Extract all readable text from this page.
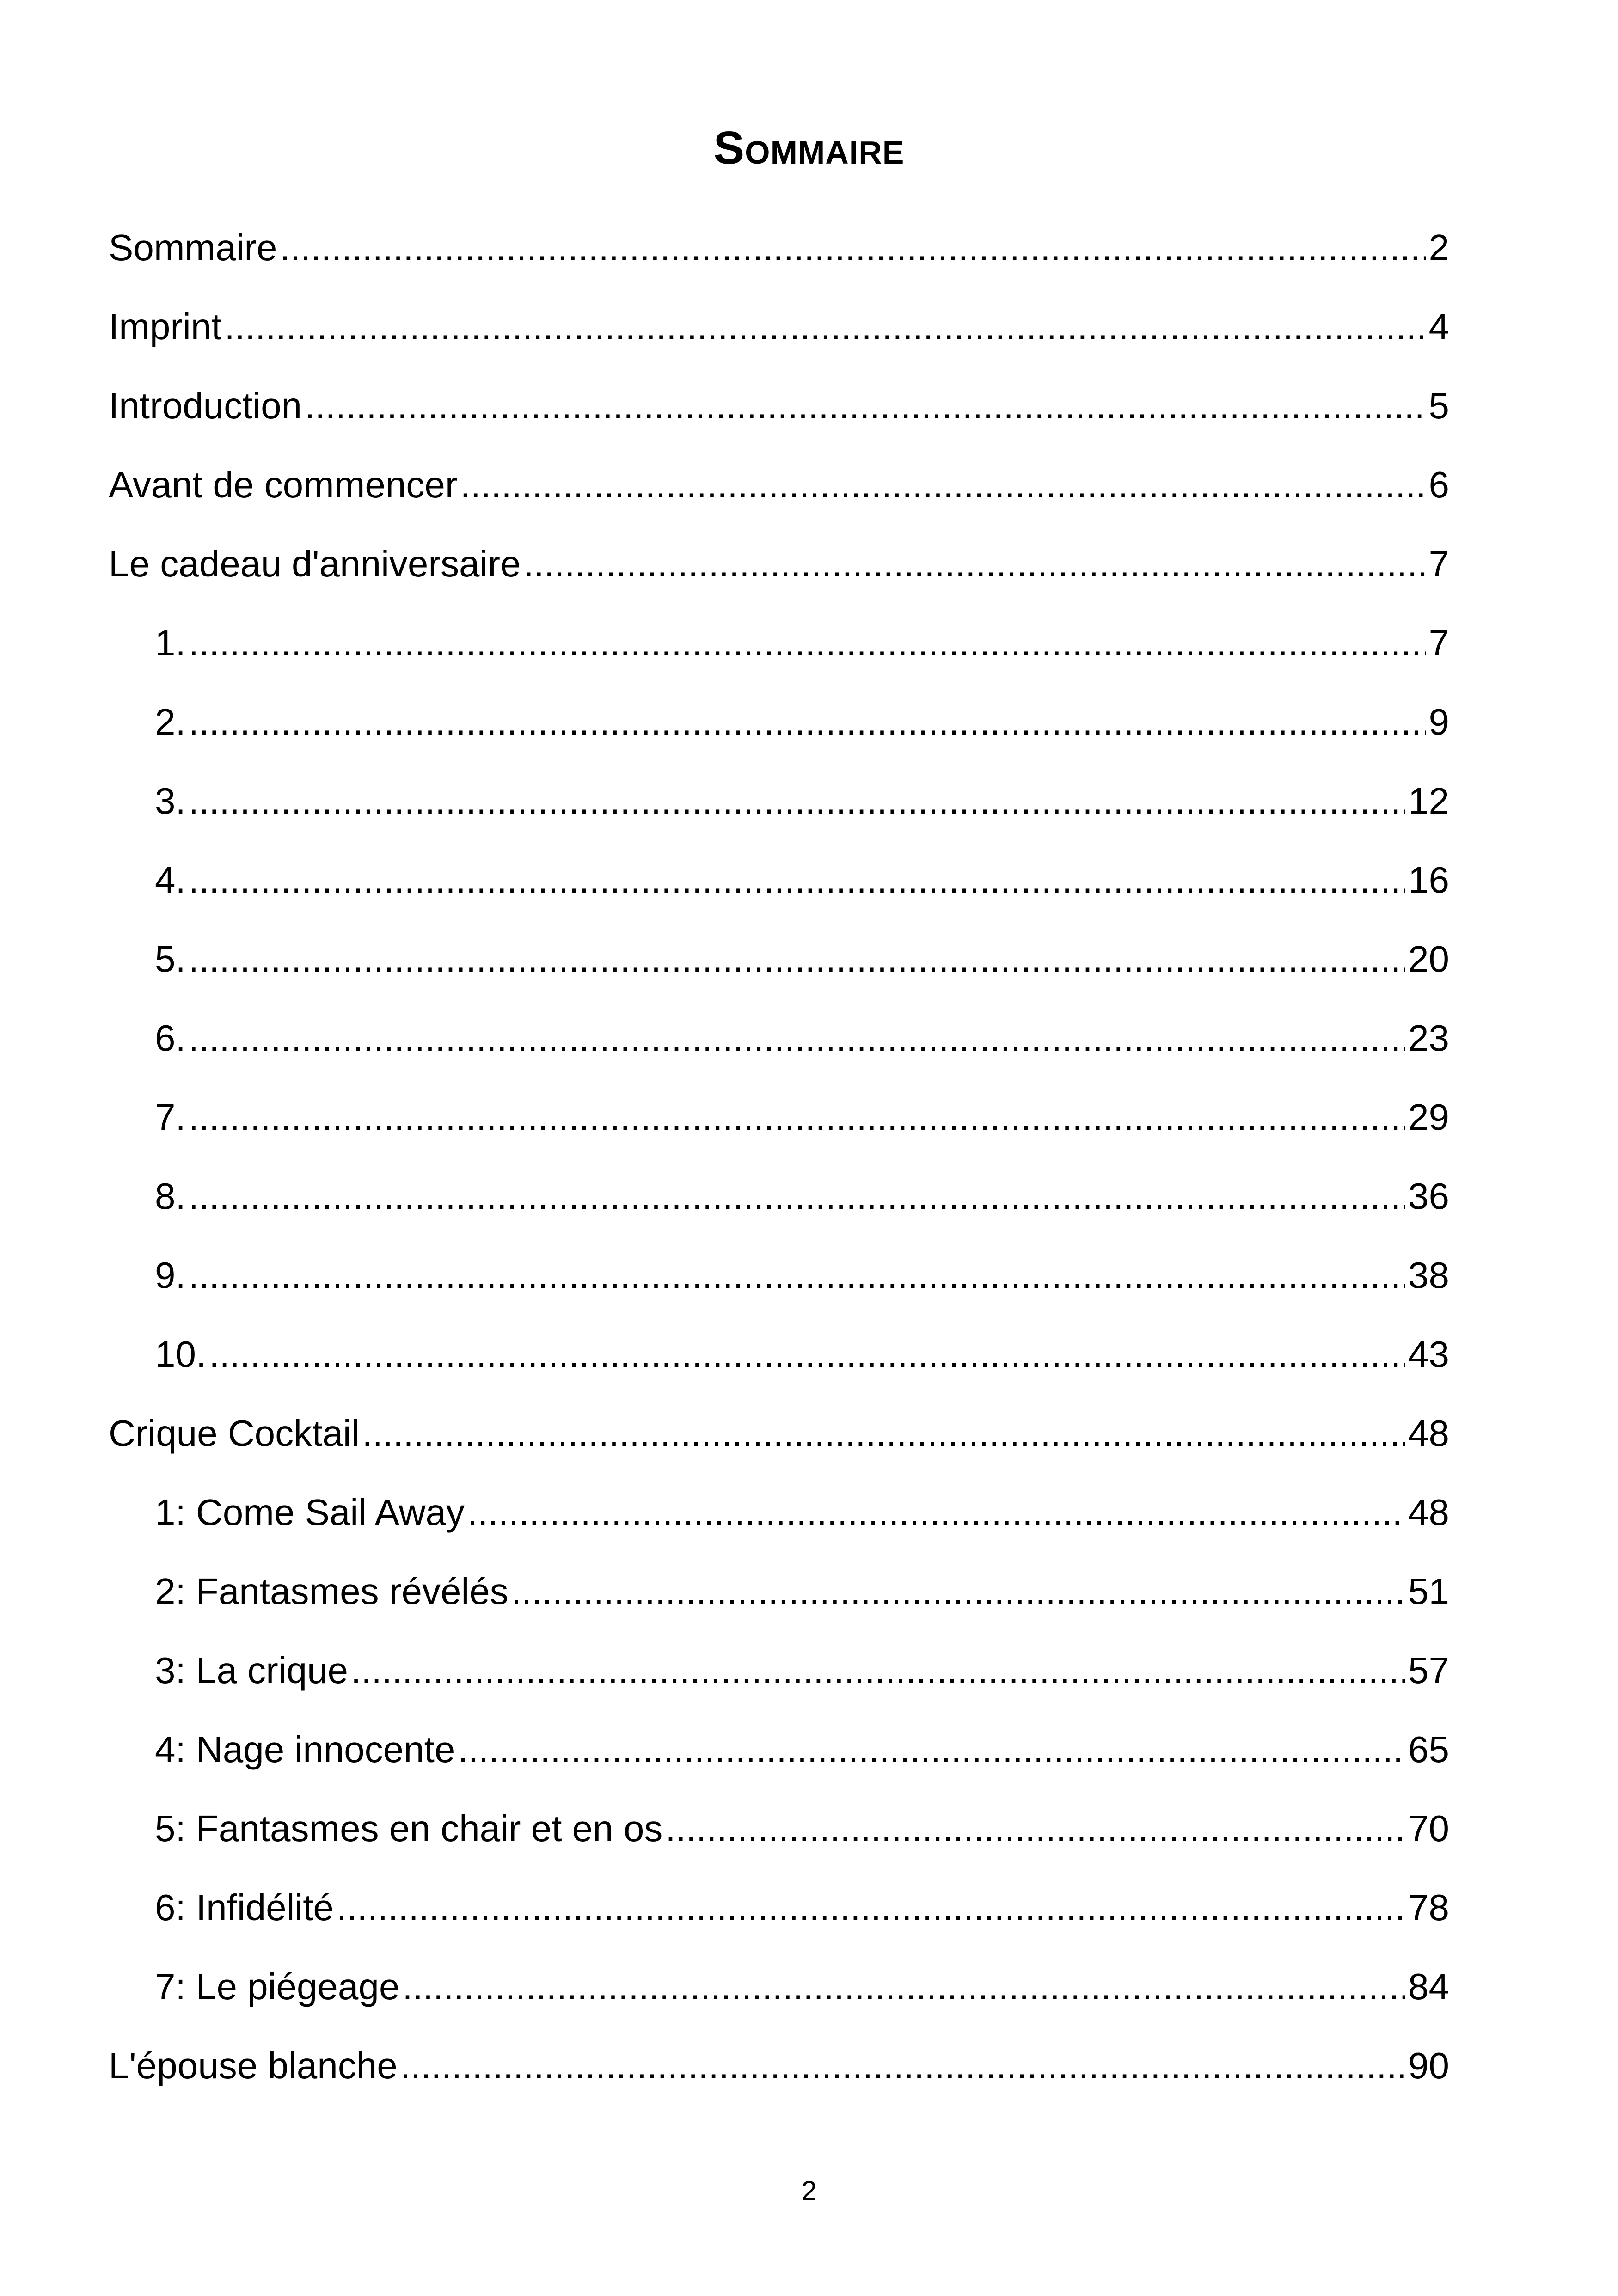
Sommaire
Sommaire .....	2
Imprint .....	4
Introduction .....	5
Avant de commencer .....	6
Le cadeau d'anniversaire .....	7
1. .....	7
2. .....	9
3. .....	12
4. .....	16
5. .....	20
6. .....	23
7. .....	29
8. .....	36
9. .....	38
10. .....	43
Crique Cocktail .....	48
1: Come Sail Away .....	48
2: Fantasmes révélés .....	51
3: La crique .....	57
4: Nage innocente .....	65
5: Fantasmes en chair et en os .....	70
6: Infidélité .....	78
7: Le piégeage .....	84
L'épouse blanche .....	90
2
